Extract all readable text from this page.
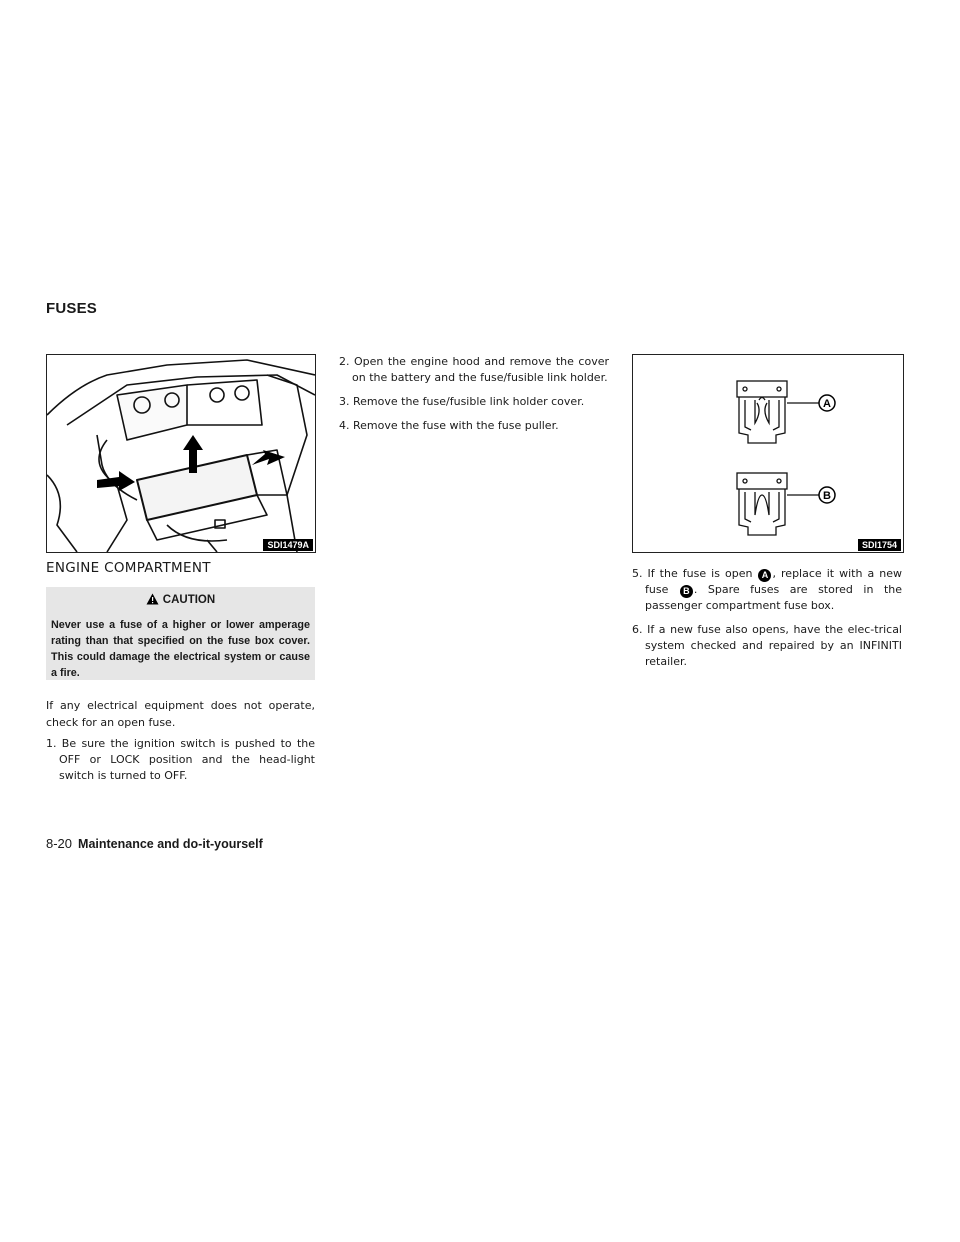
FUSES
SDI1479A
A
B
SDI1754
ENGINE COMPARTMENT
CAUTION
Never use a fuse of a higher or lower amperage rating than that specified on the fuse box cover. This could damage the electrical system or cause a fire.
If any electrical equipment does not operate, check for an open fuse.
1. Be sure the ignition switch is pushed to the OFF or LOCK position and the head-light switch is turned to OFF.
2. Open the engine hood and remove the cover on the battery and the fuse/fusible link holder.
3. Remove the fuse/fusible link holder cover.
4. Remove the fuse with the fuse puller.
5. If the fuse is open A , replace it with a new fuse B . Spare fuses are stored in the passenger compartment fuse box.
6. If a new fuse also opens, have the elec-trical system checked and repaired by an INFINITI retailer.
8-20 Maintenance and do-it-yourself
